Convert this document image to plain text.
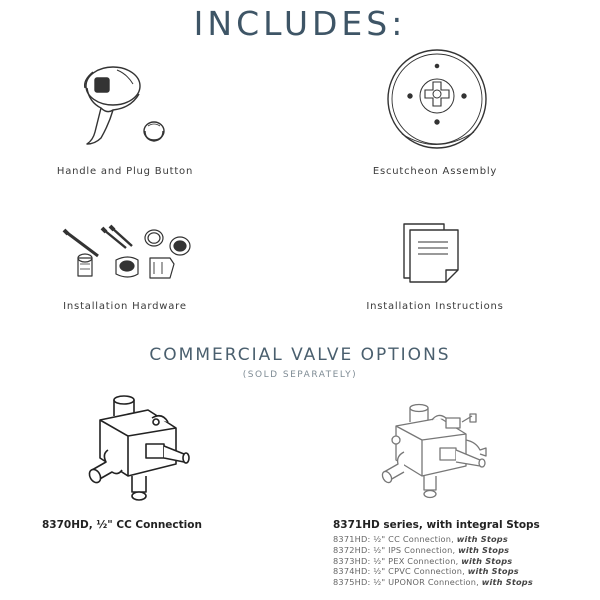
INCLUDES:
Handle and Plug Button	Escutcheon Assembly
Installation Hardware	Installation Instructions
COMMERCIAL VALVE OPTIONS
(SOLD SEPARATELY)
8370HD, ½" CC Connection	8371HD series, with integral Stops
8371HD: ½" CC Connection, with Stops
8372HD: ½" IPS Connection, with Stops
8373HD: ½" PEX Connection, with Stops
8374HD: ½" CPVC Connection, with Stops
8375HD: ½" UPONOR Connection, with Stops
